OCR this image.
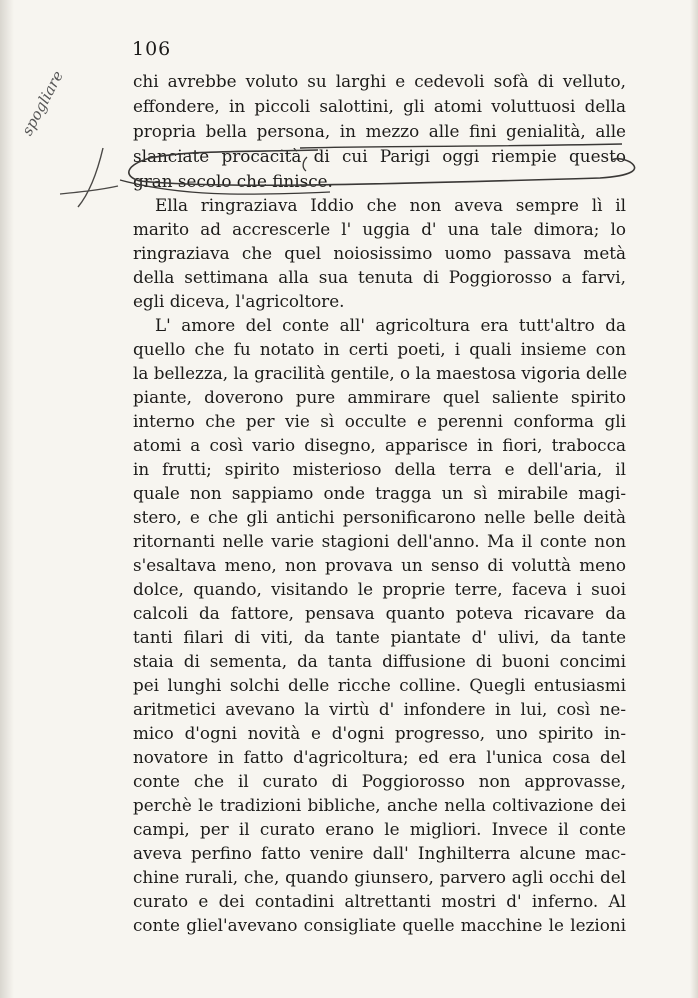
106
chi avrebbe voluto su larghi e cedevoli sofà di velluto,
effondere, in piccoli salottini, gli atomi voluttuosi della
propria bella persona, in mezzo alle fini genialità, alle
slanciate procacità di cui Parigi oggi riempie questo
gran secolo che finisce.
Ella ringraziava Iddio che non aveva sempre lì il
marito ad accrescerle l' uggia d' una tale dimora; lo
ringraziava che quel noiosissimo uomo passava metà
della settimana alla sua tenuta di Poggiorosso a farvi,
egli diceva, l'agricoltore.
L' amore del conte all' agricoltura era tutt'altro da
quello che fu notato in certi poeti, i quali insieme con
la bellezza, la gracilità gentile, o la maestosa vigoria delle
piante, doverono pure ammirare quel saliente spirito
interno che per vie sì occulte e perenni conforma gli
atomi a così vario disegno, apparisce in fiori, trabocca
in frutti; spirito misterioso della terra e dell'aria, il
quale non sappiamo onde tragga un sì mirabile magi-
stero, e che gli antichi personificarono nelle belle deità
ritornanti nelle varie stagioni dell'anno. Ma il conte non
s'esaltava meno, non provava un senso di voluttà meno
dolce, quando, visitando le proprie terre, faceva i suoi
calcoli da fattore, pensava quanto poteva ricavare da
tanti filari di viti, da tante piantate d' ulivi, da tante
staia di sementa, da tanta diffusione di buoni concimi
pei lunghi solchi delle ricche colline. Quegli entusiasmi
aritmetici avevano la virtù d' infondere in lui, così ne-
mico d'ogni novità e d'ogni progresso, uno spirito in-
novatore in fatto d'agricoltura; ed era l'unica cosa del
conte che il curato di Poggiorosso non approvasse,
perchè le tradizioni bibliche, anche nella coltivazione dei
campi, per il curato erano le migliori. Invece il conte
aveva perfino fatto venire dall' Inghilterra alcune mac-
chine rurali, che, quando giunsero, parvero agli occhi del
curato e dei contadini altrettanti mostri d' inferno. Al
conte gliel'avevano consigliate quelle macchine le lezioni
spogliare
